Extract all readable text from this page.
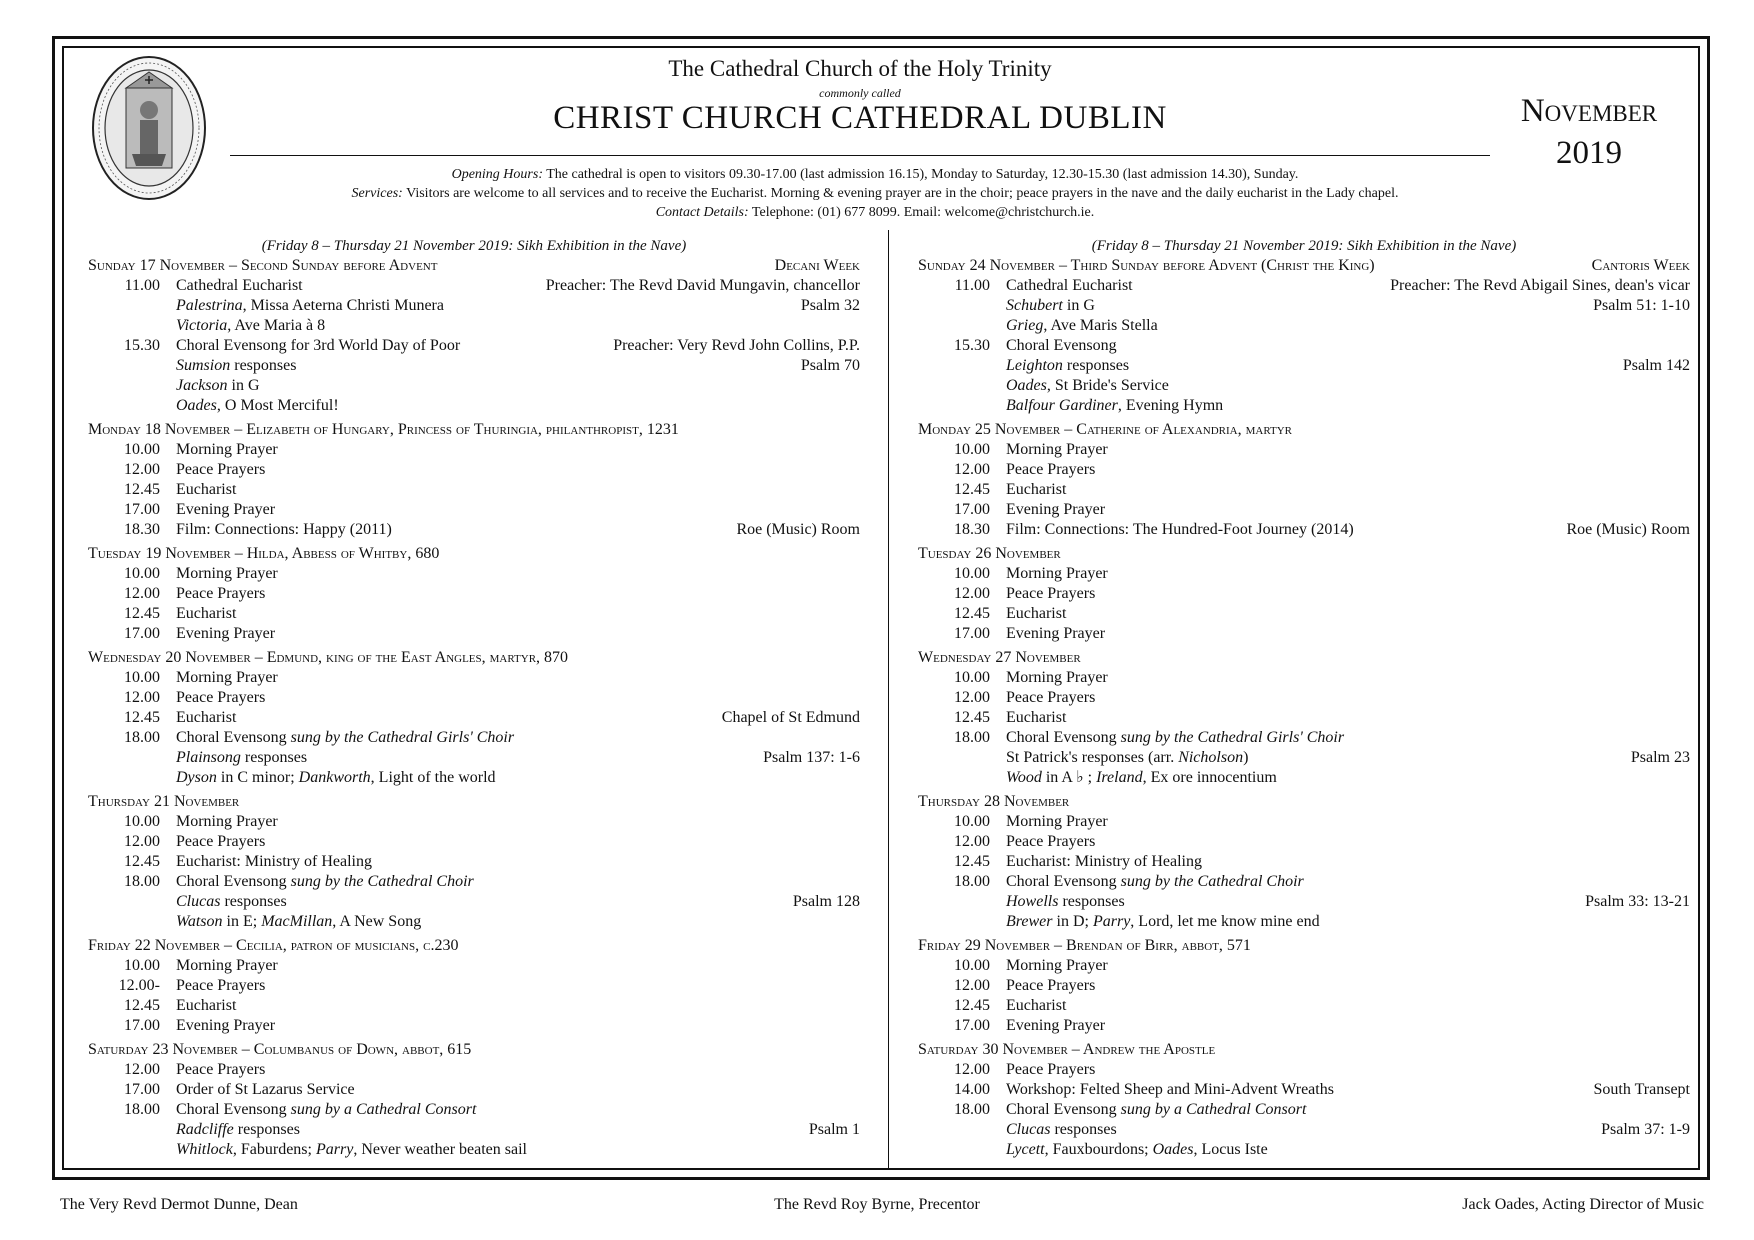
The Cathedral Church of the Holy Trinity
commonly called
CHRIST CHURCH CATHEDRAL DUBLIN	November
2019
Opening Hours: The cathedral is open to visitors 09.30-17.00 (last admission 16.15), Monday to Saturday, 12.30-15.30 (last admission 14.30), Sunday.
Services: Visitors are welcome to all services and to receive the Eucharist. Morning & evening prayer are in the choir; peace prayers in the nave and the daily eucharist in the Lady chapel.
Contact Details: Telephone: (01) 677 8099. Email: welcome@christchurch.ie.
(Friday 8 – Thursday 21 November 2019: Sikh Exhibition in the Nave)
Sunday 17 November – Second Sunday before Advent	Decani Week
11.00	Cathedral Eucharist	Preacher: The Revd David Mungavin, chancellor
Palestrina, Missa Aeterna Christi Munera	Psalm 32
Victoria, Ave Maria à 8
15.30	Choral Evensong for 3rd World Day of Poor	Preacher: Very Revd John Collins, P.P.
Sumsion responses	Psalm 70
Jackson in G
Oades, O Most Merciful!
Monday 18 November – Elizabeth of Hungary, Princess of Thuringia, philanthropist, 1231
10.00	Morning Prayer
12.00	Peace Prayers
12.45	Eucharist
17.00	Evening Prayer
18.30	Film: Connections: Happy (2011)	Roe (Music) Room
Tuesday 19 November – Hilda, Abbess of Whitby, 680
10.00	Morning Prayer
12.00	Peace Prayers
12.45	Eucharist
17.00	Evening Prayer
Wednesday 20 November – Edmund, king of the East Angles, martyr, 870
10.00	Morning Prayer
12.00	Peace Prayers
12.45	Eucharist	Chapel of St Edmund
18.00	Choral Evensong sung by the Cathedral Girls' Choir
Plainsong responses	Psalm 137: 1-6
Dyson in C minor; Dankworth, Light of the world
Thursday 21 November
10.00	Morning Prayer
12.00	Peace Prayers
12.45	Eucharist: Ministry of Healing
18.00	Choral Evensong sung by the Cathedral Choir
Clucas responses	Psalm 128
Watson in E; MacMillan, A New Song
Friday 22 November – Cecilia, patron of musicians, c.230
10.00	Morning Prayer
12.00-	Peace Prayers
12.45	Eucharist
17.00	Evening Prayer
Saturday 23 November – Columbanus of Down, abbot, 615
12.00	Peace Prayers
17.00	Order of St Lazarus Service
18.00	Choral Evensong sung by a Cathedral Consort
Radcliffe responses	Psalm 1
Whitlock, Faburdens; Parry, Never weather beaten sail
(Friday 8 – Thursday 21 November 2019: Sikh Exhibition in the Nave)
Sunday 24 November – Third Sunday before Advent (Christ the King)	Cantoris Week
11.00	Cathedral Eucharist	Preacher: The Revd Abigail Sines, dean's vicar
Schubert in G	Psalm 51: 1-10
Grieg, Ave Maris Stella
15.30	Choral Evensong
Leighton responses	Psalm 142
Oades, St Bride's Service
Balfour Gardiner, Evening Hymn
Monday 25 November – Catherine of Alexandria, martyr
10.00	Morning Prayer
12.00	Peace Prayers
12.45	Eucharist
17.00	Evening Prayer
18.30	Film: Connections: The Hundred-Foot Journey (2014)	Roe (Music) Room
Tuesday 26 November
10.00	Morning Prayer
12.00	Peace Prayers
12.45	Eucharist
17.00	Evening Prayer
Wednesday 27 November
10.00	Morning Prayer
12.00	Peace Prayers
12.45	Eucharist
18.00	Choral Evensong sung by the Cathedral Girls' Choir
St Patrick's responses (arr. Nicholson)	Psalm 23
Wood in A ♭ ; Ireland, Ex ore innocentium
Thursday 28 November
10.00	Morning Prayer
12.00	Peace Prayers
12.45	Eucharist: Ministry of Healing
18.00	Choral Evensong sung by the Cathedral Choir
Howells responses	Psalm 33: 13-21
Brewer in D; Parry, Lord, let me know mine end
Friday 29 November – Brendan of Birr, abbot, 571
10.00	Morning Prayer
12.00	Peace Prayers
12.45	Eucharist
17.00	Evening Prayer
Saturday 30 November – Andrew the Apostle
12.00	Peace Prayers
14.00	Workshop: Felted Sheep and Mini-Advent Wreaths	South Transept
18.00	Choral Evensong sung by a Cathedral Consort
Clucas responses	Psalm 37: 1-9
Lycett, Fauxbourdons; Oades, Locus Iste
The Very Revd Dermot Dunne, Dean	The Revd Roy Byrne, Precentor	Jack Oades, Acting Director of Music
